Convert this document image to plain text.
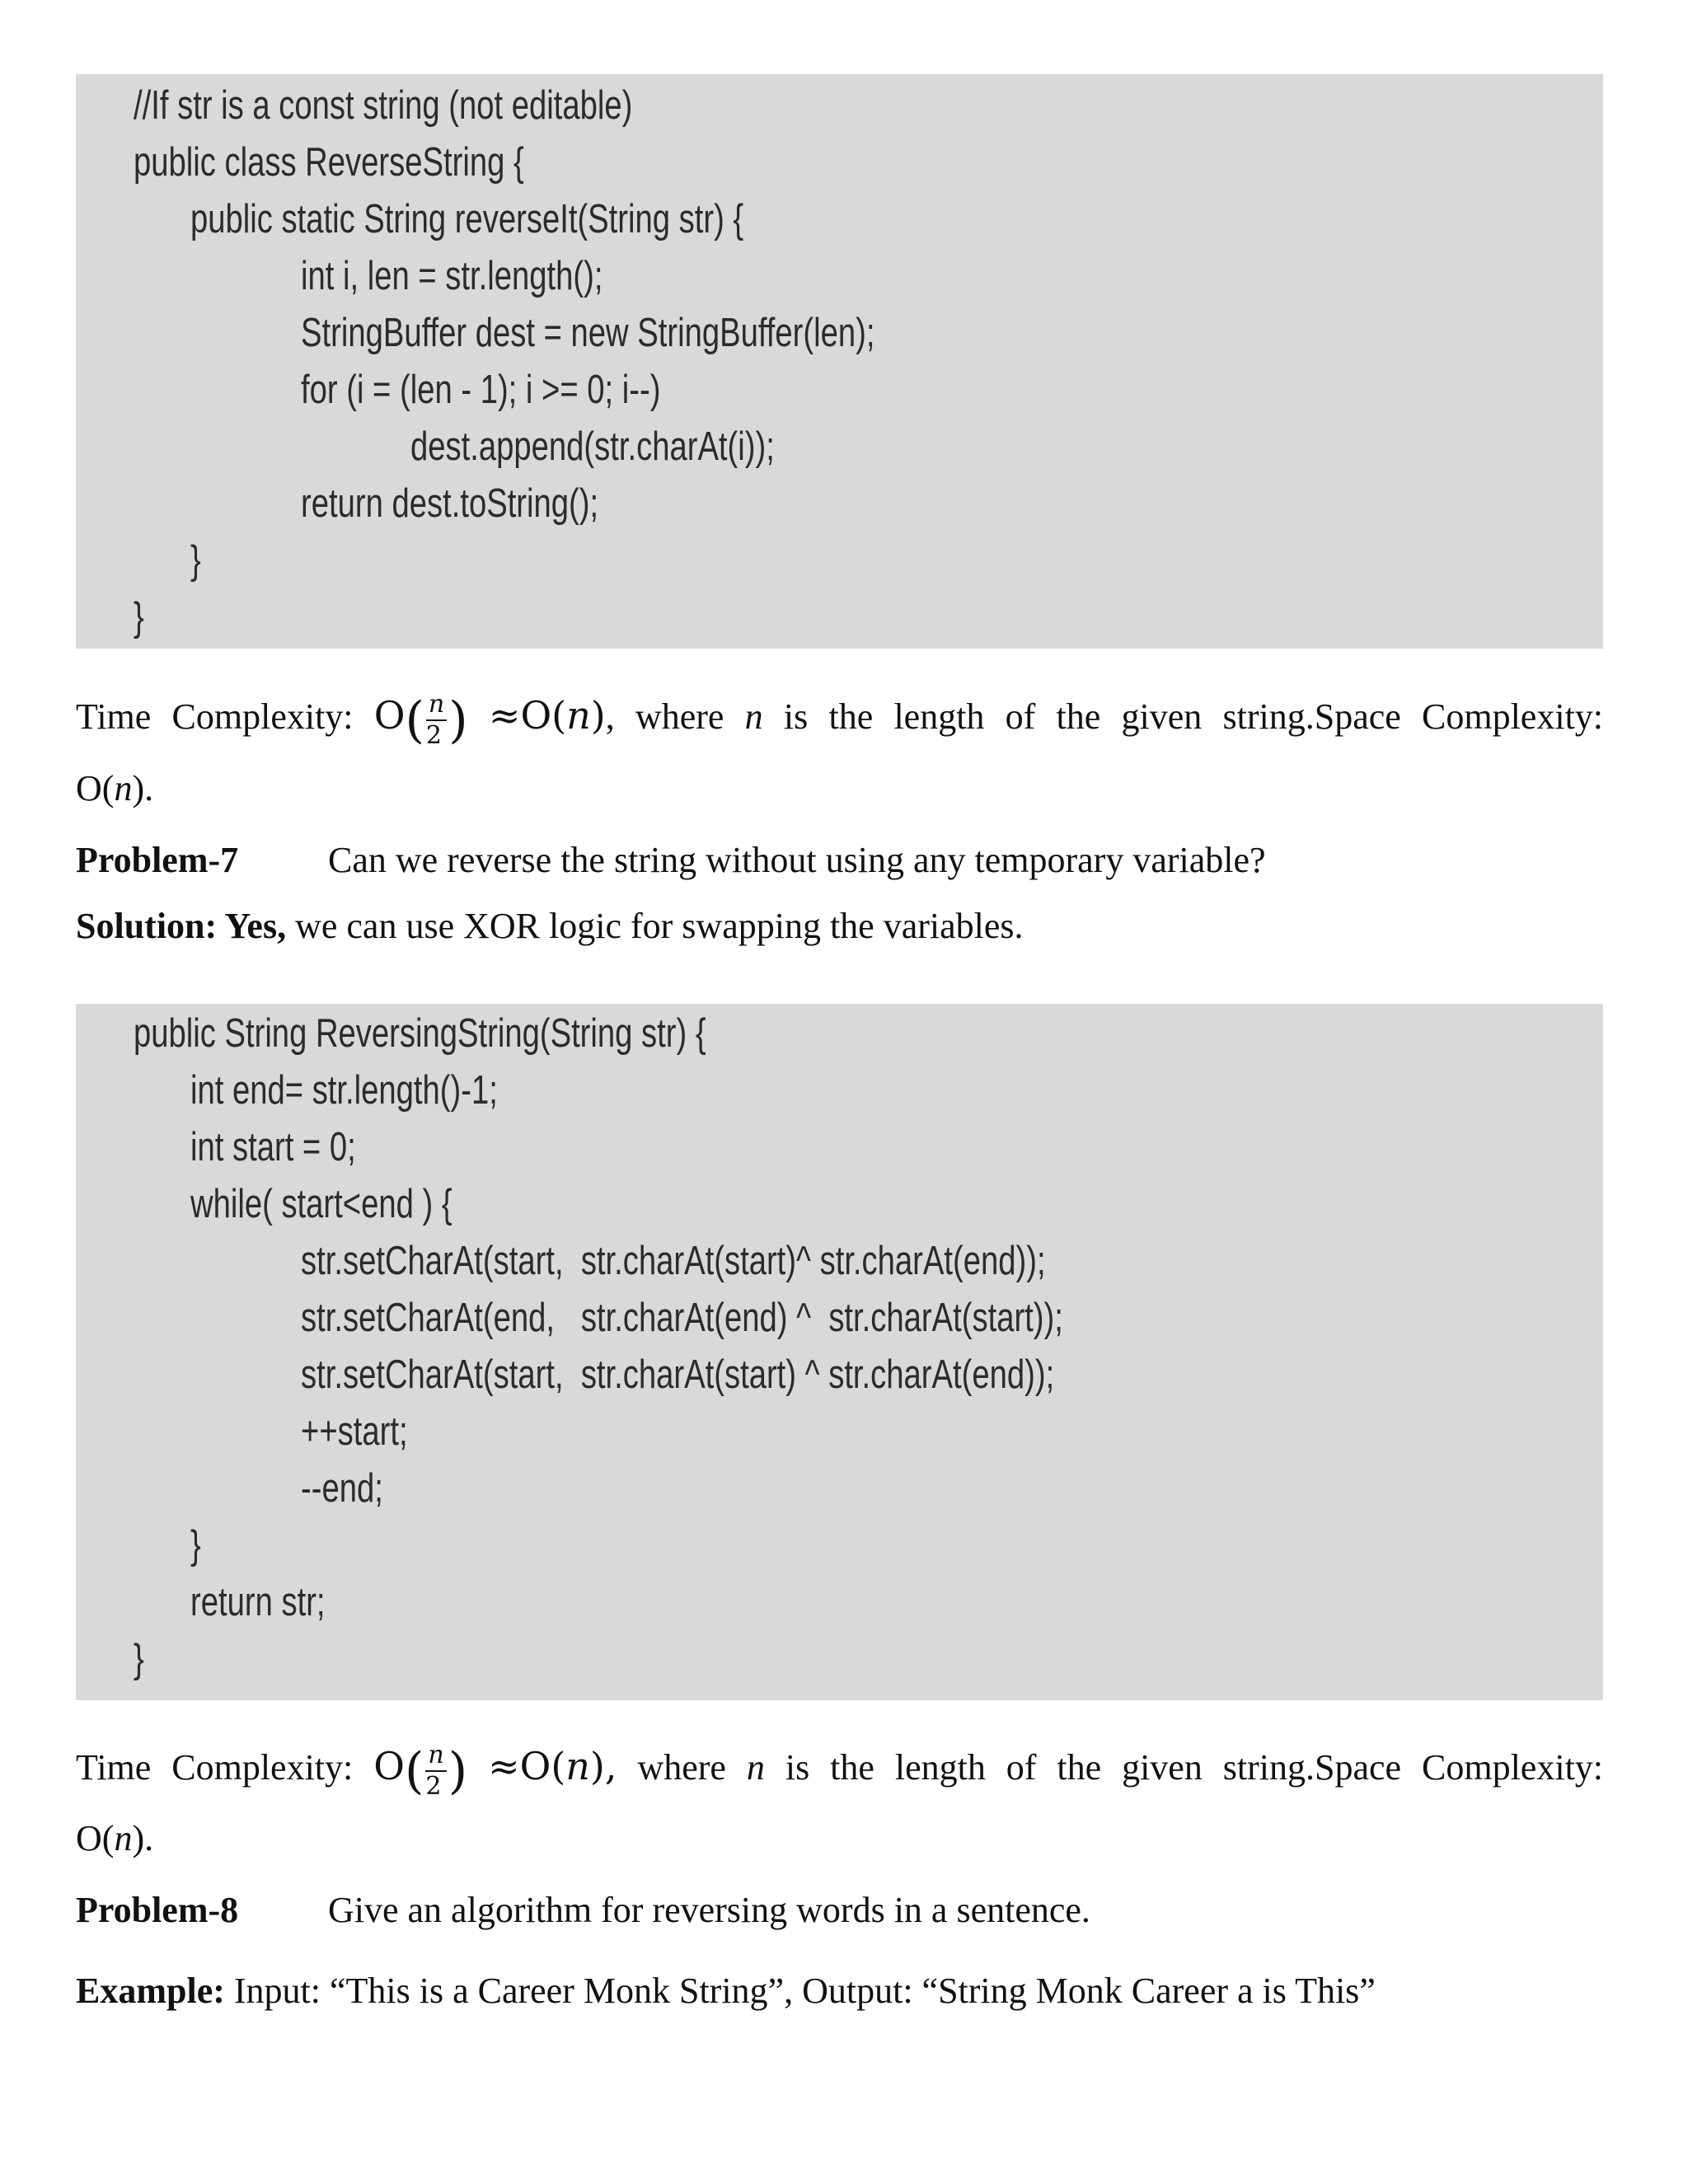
//If str is a const string (not editable)
public class ReverseString {
public static String reverseIt(String str) {
int i, len = str.length();
StringBuffer dest = new StringBuffer(len);
for (i = (len - 1); i >= 0; i--)
dest.append(str.charAt(i));
return dest.toString();
}
}
Time Complexity: $O( \frac{n}{2}$ ) ≈O(n), where n is the length of the given string.Space Complexity:
O(n).
Problem-7 Can we reverse the string without using any temporary variable?
Solution: Yes, we can use XOR logic for swapping the variables.
public String ReversingString(String str) {
int end= str.length()-1;
int start = 0;
while( start<end ) {
str.setCharAt(start,  str.charAt(start)^ str.charAt(end));
str.setCharAt(end,   str.charAt(end) ^  str.charAt(start));
str.setCharAt(start,  str.charAt(start) ^ str.charAt(end));
++start;
--end;
}
return str;
}
Time Complexity: $O( \frac{n}{2}$ ) ≈O(n), where n is the length of the given string.Space Complexity:
O(n).
Problem-8 Give an algorithm for reversing words in a sentence.
Example: Input: “This is a Career Monk String”, Output: “String Monk Career a is This”
